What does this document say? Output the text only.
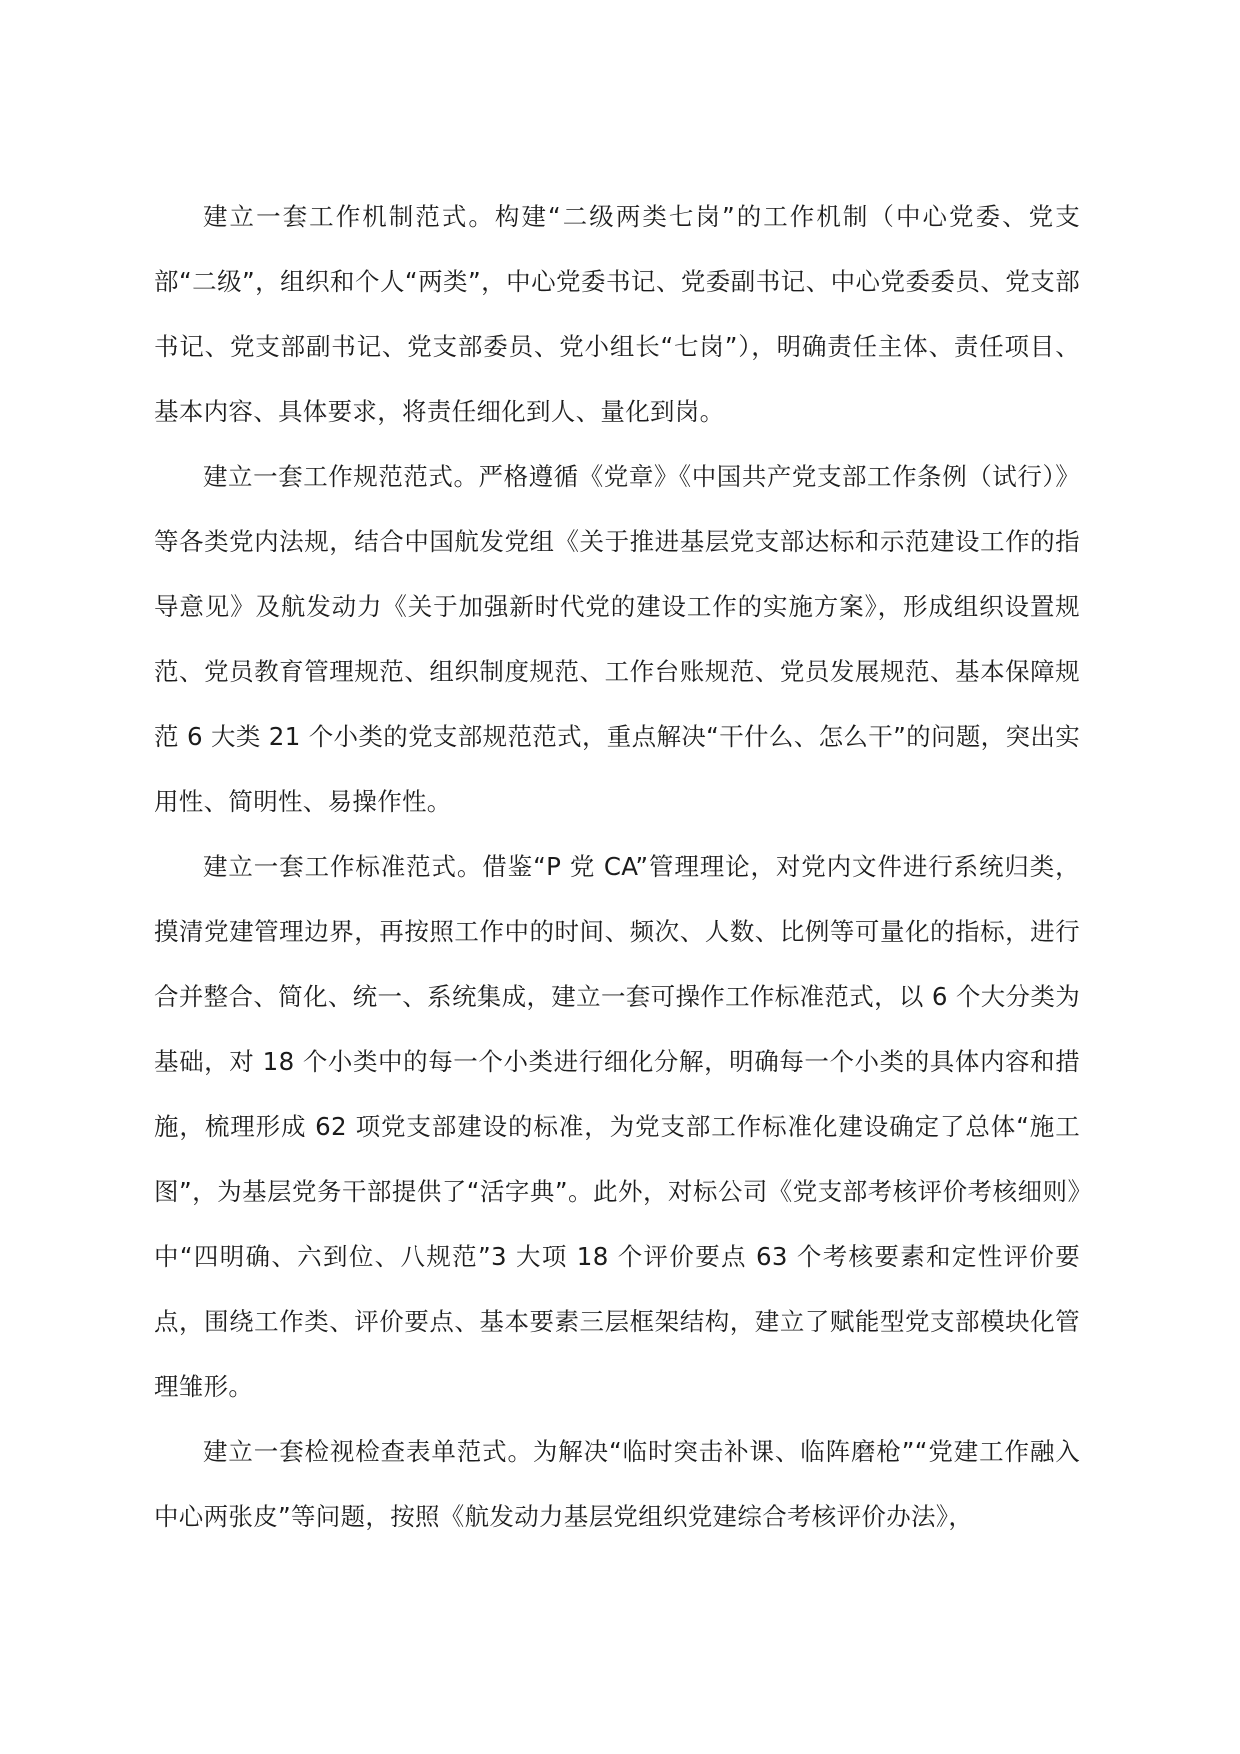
建立一套工作机制范式。构建“二级两类七岗”的工作机制（中心党委、党支部“二级”，组织和个人“两类”，中心党委书记、党委副书记、中心党委委员、党支部书记、党支部副书记、党支部委员、党小组长“七岗”），明确责任主体、责任项目、基本内容、具体要求，将责任细化到人、量化到岗。

建立一套工作规范范式。严格遵循《党章》《中国共产党支部工作条例（试行）》等各类党内法规，结合中国航发党组《关于推进基层党支部达标和示范建设工作的指导意见》及航发动力《关于加强新时代党的建设工作的实施方案》，形成组织设置规范、党员教育管理规范、组织制度规范、工作台账规范、党员发展规范、基本保障规范 6 大类 21 个小类的党支部规范范式，重点解决“干什么、怎么干”的问题，突出实用性、简明性、易操作性。

建立一套工作标准范式。借鉴“P 党 CA”管理理论，对党内文件进行系统归类，摸清党建管理边界，再按照工作中的时间、频次、人数、比例等可量化的指标，进行合并整合、简化、统一、系统集成，建立一套可操作工作标准范式，以 6 个大分类为基础，对 18 个小类中的每一个小类进行细化分解，明确每一个小类的具体内容和措施，梳理形成 62 项党支部建设的标准，为党支部工作标准化建设确定了总体“施工图”，为基层党务干部提供了“活字典”。此外，对标公司《党支部考核评价考核细则》中“四明确、六到位、八规范”3 大项 18 个评价要点 63 个考核要素和定性评价要点，围绕工作类、评价要点、基本要素三层框架结构，建立了赋能型党支部模块化管理雏形。

建立一套检视检查表单范式。为解决“临时突击补课、临阵磨枪”“党建工作融入中心两张皮”等问题，按照《航发动力基层党组织党建综合考核评价办法》，
